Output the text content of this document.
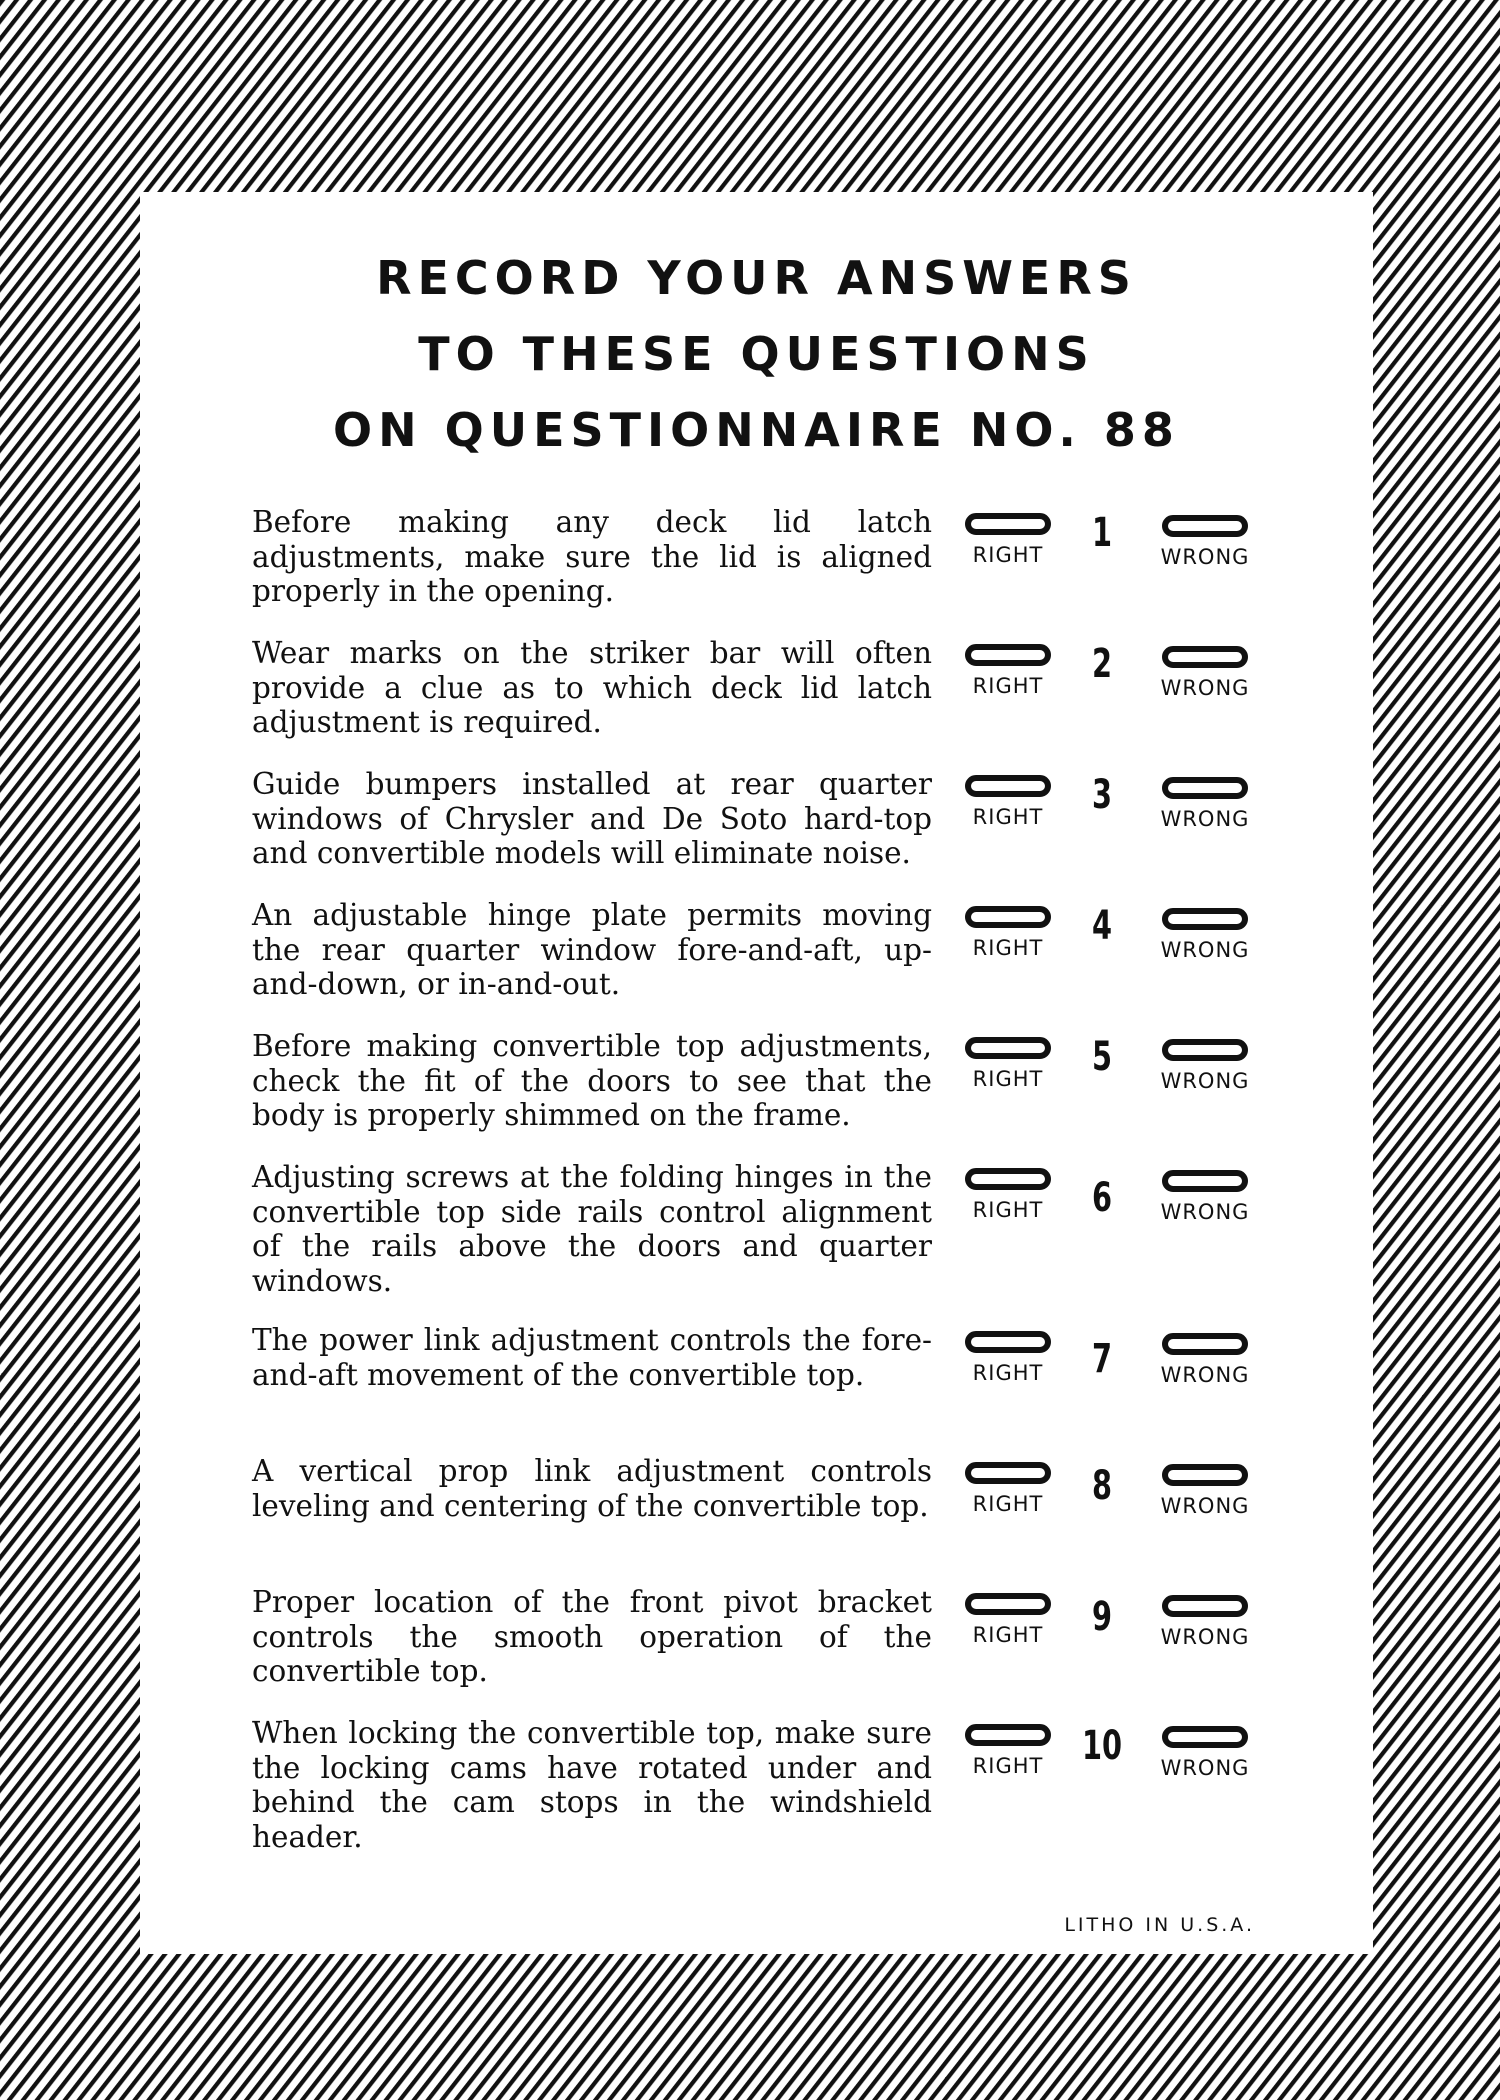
RECORD YOUR ANSWERS
TO THESE QUESTIONS
ON QUESTIONNAIRE NO. 88
Before making any deck lid latch adjustments, make sure the lid is aligned properly in the opening.
RIGHT	1
WRONG
Wear marks on the striker bar will often provide a clue as to which deck lid latch adjustment is required.
RIGHT	2
WRONG
Guide bumpers installed at rear quarter windows of Chrysler and De Soto hard-top and convertible models will eliminate noise.
RIGHT	3
WRONG
An adjustable hinge plate permits moving the rear quarter window fore-and-aft, up-and-down, or in-and-out.
RIGHT	4
WRONG
Before making convertible top adjustments, check the fit of the doors to see that the body is properly shimmed on the frame.
RIGHT	5
WRONG
Adjusting screws at the folding hinges in the convertible top side rails control alignment of the rails above the doors and quarter windows.
RIGHT	6	WRONG
The power link adjustment controls the fore-and-aft movement of the convertible top.	RIGHT	7	WRONG
A vertical prop link adjustment controls leveling and centering of the convertible top.	RIGHT	8	WRONG
Proper location of the front pivot bracket controls the smooth operation of the convertible top.
RIGHT	9	WRONG
When locking the convertible top, make sure the locking cams have rotated under and behind the cam stops in the windshield header.
RIGHT 10	WRONG
LITHO IN U.S.A.
